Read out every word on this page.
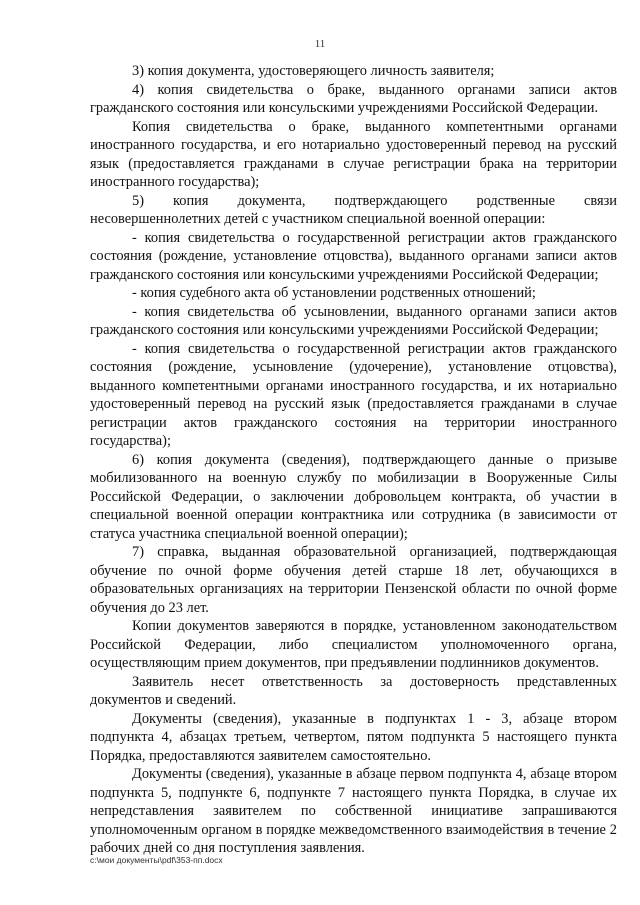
11

3) копия документа, удостоверяющего личность заявителя;

4) копия свидетельства о браке, выданного органами записи актов гражданского состояния или консульскими учреждениями Российской Федерации.

Копия свидетельства о браке, выданного компетентными органами иностранного государства, и его нотариально удостоверенный перевод на русский язык (предоставляется гражданами в случае регистрации брака на территории иностранного государства);

5) копия документа, подтверждающего родственные связи несовершеннолетних детей с участником специальной военной операции:

- копия свидетельства о государственной регистрации актов гражданского состояния (рождение, установление отцовства), выданного органами записи актов гражданского состояния или консульскими учреждениями Российской Федерации;

- копия судебного акта об установлении родственных отношений;

- копия свидетельства об усыновлении, выданного органами записи актов гражданского состояния или консульскими учреждениями Российской Федерации;

- копия свидетельства о государственной регистрации актов гражданского состояния (рождение, усыновление (удочерение), установление отцовства), выданного компетентными органами иностранного государства, и их нотариально удостоверенный перевод на русский язык (предоставляется гражданами в случае регистрации актов гражданского состояния на территории иностранного государства);

6) копия документа (сведения), подтверждающего данные о призыве мобилизованного на военную службу по мобилизации в Вооруженные Силы Российской Федерации, о заключении добровольцем контракта, об участии в специальной военной операции контрактника или сотрудника (в зависимости от статуса участника специальной военной операции);

7) справка, выданная образовательной организацией, подтверждающая обучение по очной форме обучения детей старше 18 лет, обучающихся в образовательных организациях на территории Пензенской области по очной форме обучения до 23 лет.

Копии документов заверяются в порядке, установленном законодательством Российской Федерации, либо специалистом уполномоченного органа, осуществляющим прием документов, при предъявлении подлинников документов.

Заявитель несет ответственность за достоверность представленных документов и сведений.

Документы (сведения), указанные в подпунктах 1 - 3, абзаце втором подпункта 4, абзацах третьем, четвертом, пятом подпункта 5 настоящего пункта Порядка, предоставляются заявителем самостоятельно.

Документы (сведения), указанные в абзаце первом подпункта 4, абзаце втором подпункта 5, подпункте 6, подпункте 7 настоящего пункта Порядка, в случае их непредставления заявителем по собственной инициативе запрашиваются уполномоченным органом в порядке межведомственного взаимодействия в течение 2 рабочих дней со дня поступления заявления.

c:\мои документы\pdf\353-пп.docx
